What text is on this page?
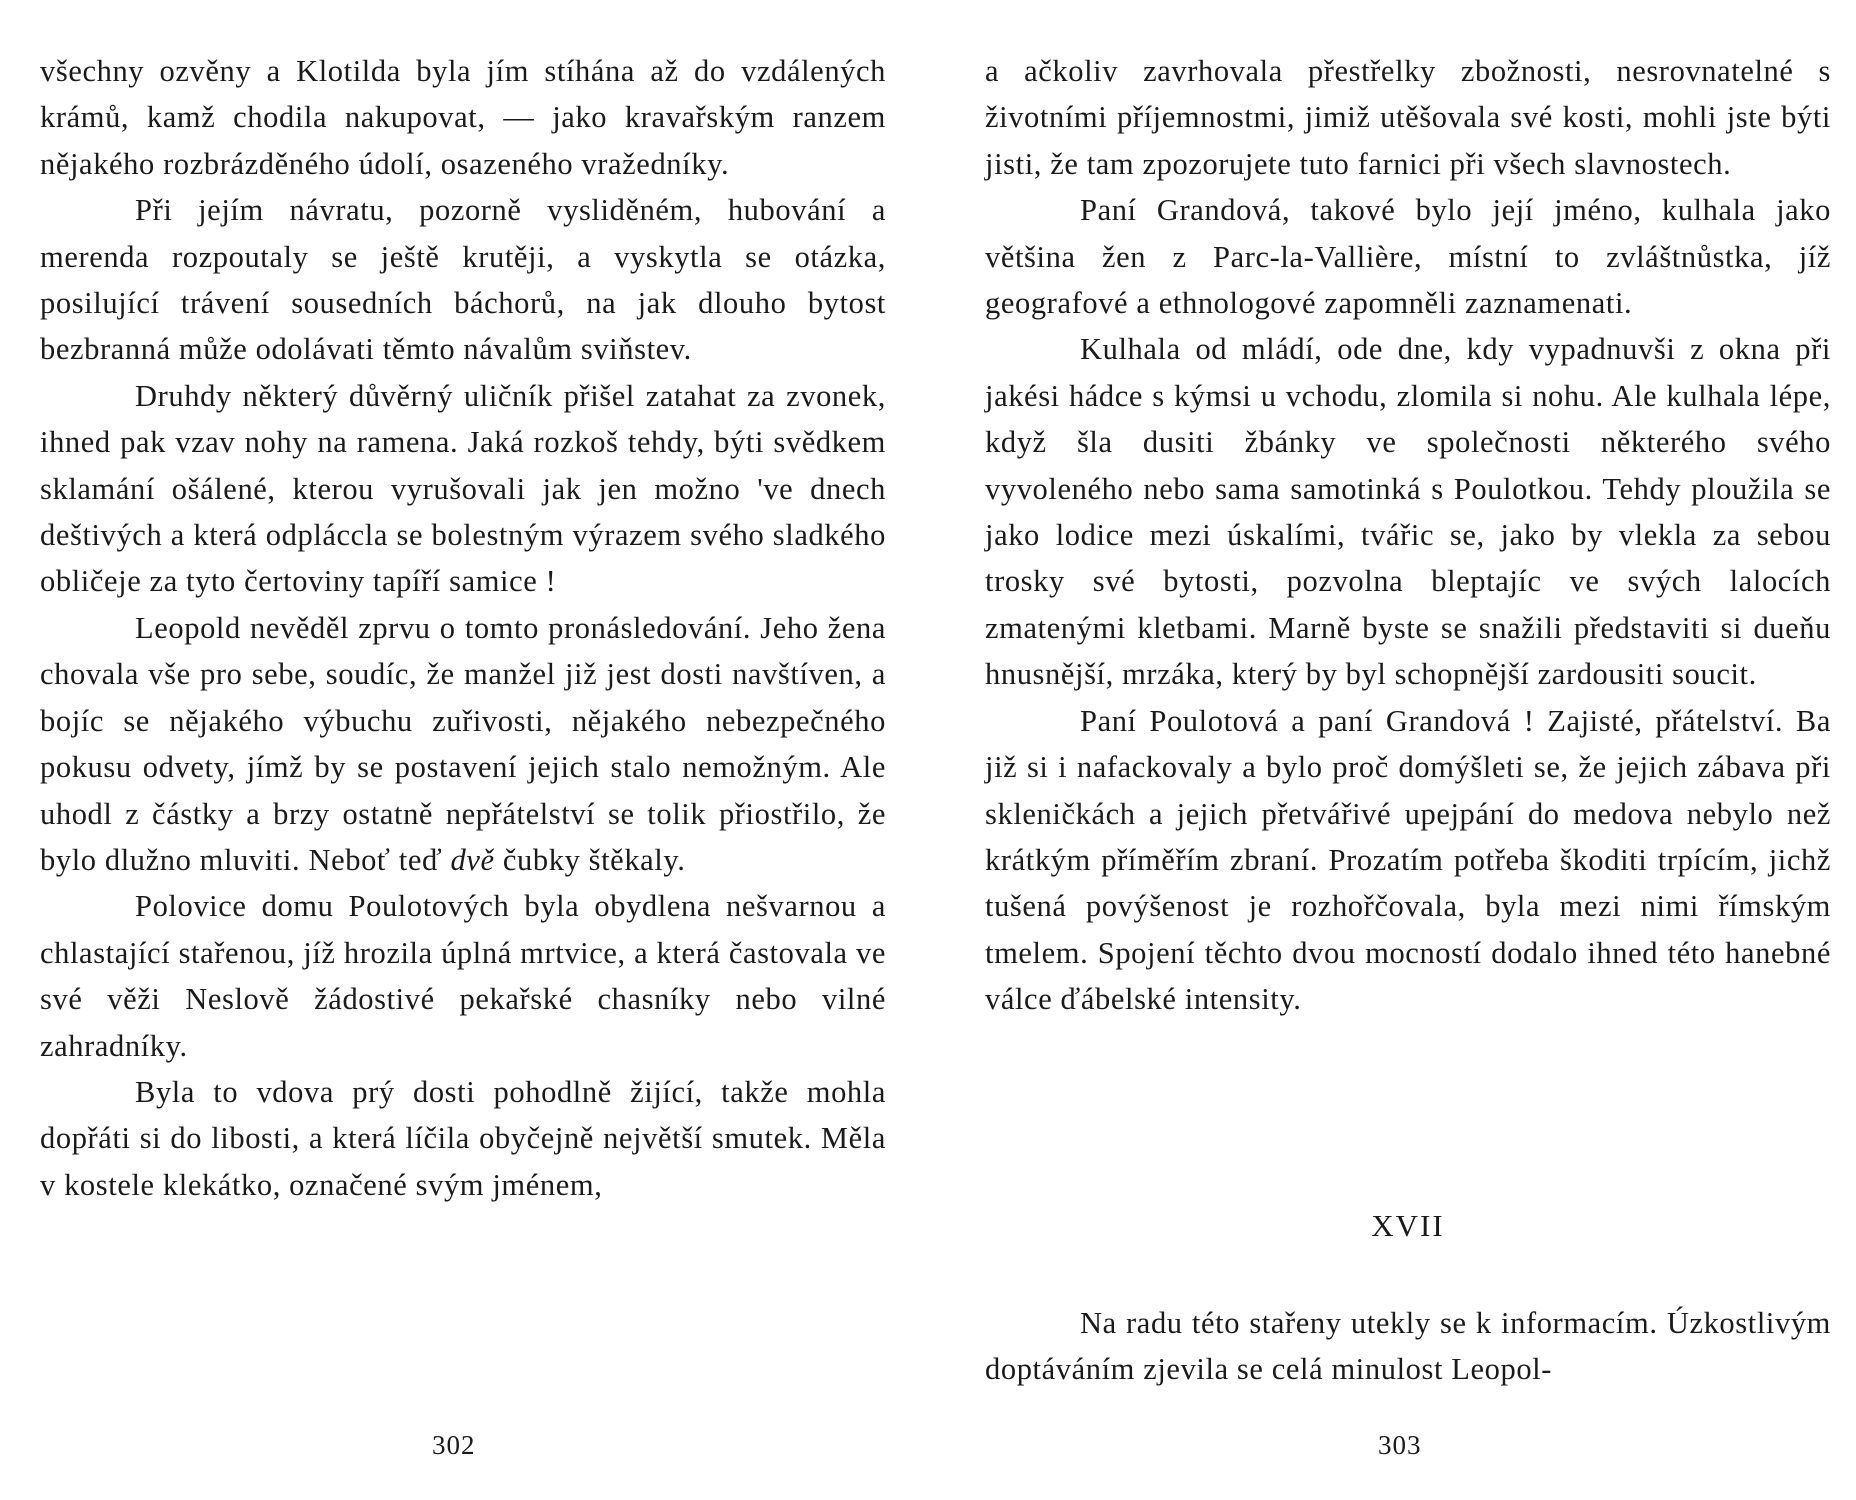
všechny ozvěny a Klotilda byla jím stíhána až do vzdálených krámů, kamž chodila nakupovat, — jako kravařským ranzem nějakého rozbrázděného údolí, osazeného vražedníky.

Při jejím návratu, pozorně vysliděném, hubování a merenda rozpoutaly se ještě krutěji, a vyskytla se otázka, posilující trávení sousedních báchorů, na jak dlouho bytost bezbranná může odolávati těmto návalům sviňstev.

Druhdy některý důvěrný uličník přišel zatahat za zvonek, ihned pak vzav nohy na ramena. Jaká rozkoš tehdy, býti svědkem sklamání ošálené, kterou vyrušovali jak jen možno 've dnech deštivých a která odpláccla se bolestným výrazem svého sladkého obličeje za tyto čertoviny tapíří samice !

Leopold nevěděl zprvu o tomto pronásledování. Jeho žena chovala vše pro sebe, soudíc, že manžel již jest dosti navštíven, a bojíc se nějakého výbuchu zuřivosti, nějakého nebezpečného pokusu odvety, jímž by se postavení jejich stalo nemožným. Ale uhodl z částky a brzy ostatně nepřátelství se tolik přiostřilo, že bylo dlužno mluviti. Neboť teď dvě čubky štěkaly.

Polovice domu Poulotových byla obydlena nešvarnou a chlastající stařenou, jíž hrozila úplná mrtvice, a která častovala ve své věži Neslově žádostivé pekařské chasníky nebo vilné zahradníky.

Byla to vdova prý dosti pohodlně žijící, takže mohla dopřáti si do libosti, a která líčila obyčejně největší smutek. Měla v kostele klekátko, označené svým jménem,

a ačkoliv zavrhovala přestřelky zbožnosti, nesrovnatelné s životními příjemnostmi, jimiž utěšovala své kosti, mohli jste býti jisti, že tam zpozorujete tuto farnici při všech slavnostech.

Paní Grandová, takové bylo její jméno, kulhala jako většina žen z Parc-la-Vallière, místní to zvláštnůstka, jíž geografové a ethnologové zapomněli zaznamenati.

Kulhala od mládí, ode dne, kdy vypadnuvši z okna při jakési hádce s kýmsi u vchodu, zlomila si nohu. Ale kulhala lépe, když šla dusiti žbánky ve společnosti některého svého vyvoleného nebo sama samotinká s Poulotkou. Tehdy ploužila se jako lodice mezi úskalími, tvářic se, jako by vlekla za sebou trosky své bytosti, pozvolna bleptajíc ve svých lalocích zmatenými kletbami. Marně byste se snažili představiti si dueňu hnusnější, mrzáka, který by byl schopnější zardousiti soucit.

Paní Poulotová a paní Grandová ! Zajisté, přátelství. Ba již si i nafackovaly a bylo proč domýšleti se, že jejich zábava při skleničkách a jejich přetvářivé upejpání do medova nebylo než krátkým příměřím zbraní. Prozatím potřeba škoditi trpícím, jichž tušená povýšenost je rozhořčovala, byla mezi nimi římským tmelem. Spojení těchto dvou mocností dodalo ihned této hanebné válce ďábelské intensity.

XVII

Na radu této stařeny utekly se k informacím. Úzkostlivým doptáváním zjevila se celá minulost Leopol-

302	303
